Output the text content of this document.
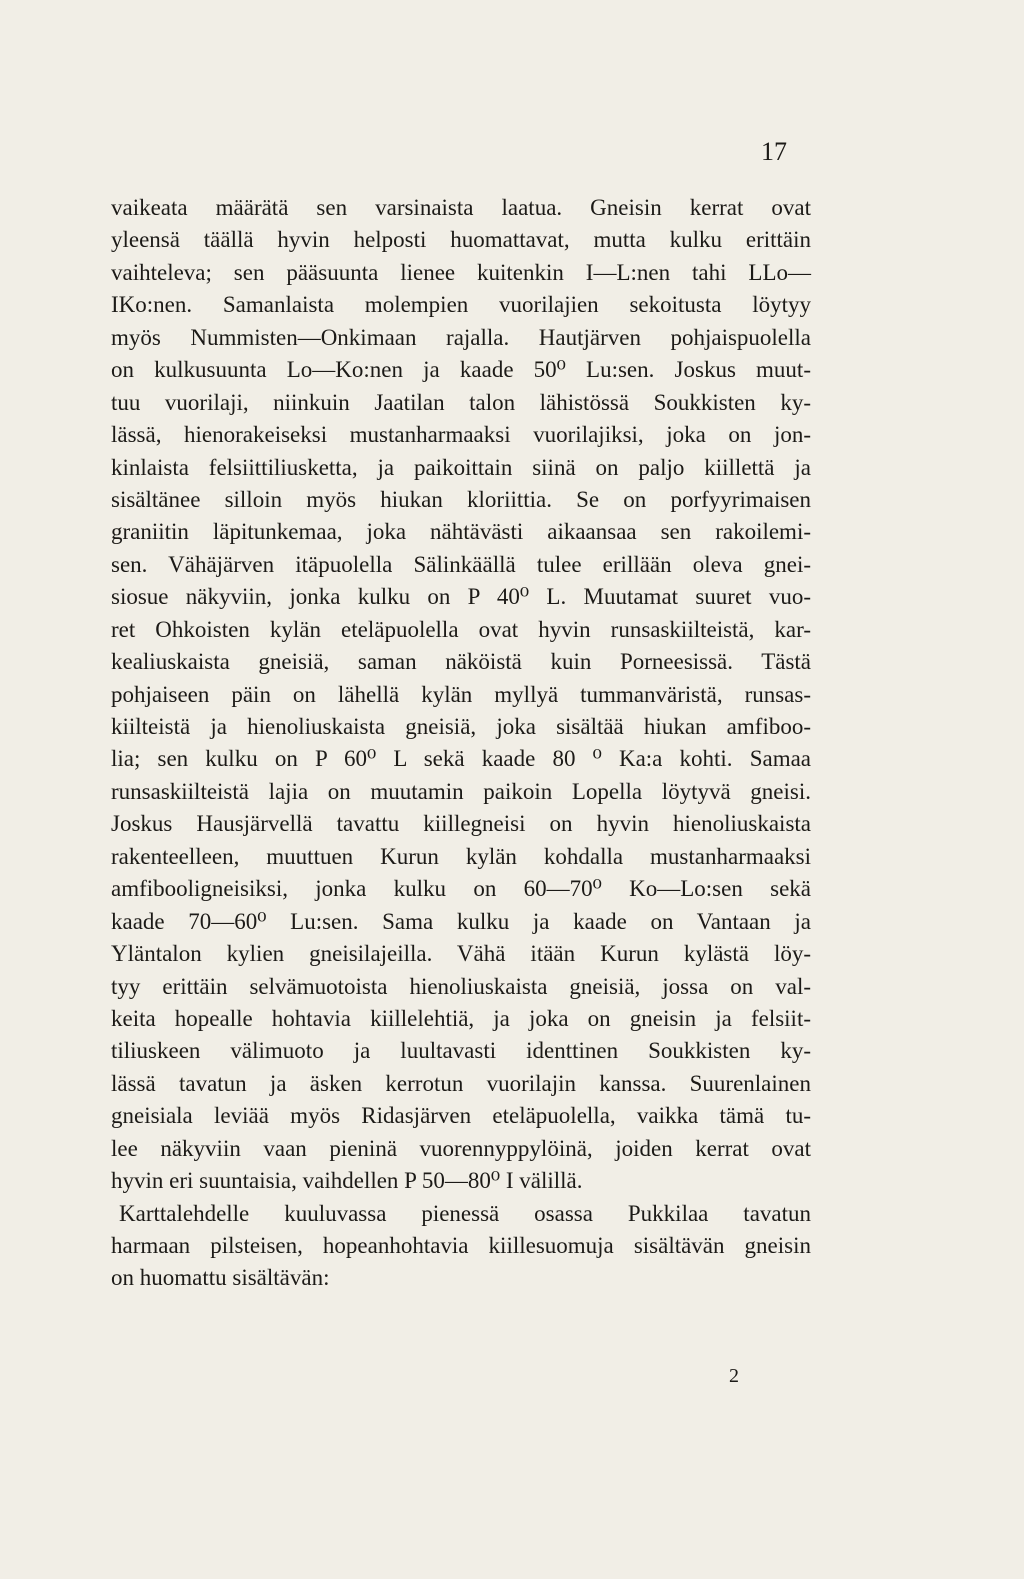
17
vaikeata määrätä sen varsinaista laatua. Gneisin kerrat ovat
yleensä täällä hyvin helposti huomattavat, mutta kulku erittäin
vaihteleva; sen pääsuunta lienee kuitenkin I—L:nen tahi LLo—
IKo:nen. Samanlaista molempien vuorilajien sekoitusta löytyy
myös Nummisten—Onkimaan rajalla. Hautjärven pohjaispuolella
on kulkusuunta Lo—Ko:nen ja kaade 50⁰ Lu:sen. Joskus muut-
tuu vuorilaji, niinkuin Jaatilan talon lähistössä Soukkisten ky-
lässä, hienorakeiseksi mustanharmaaksi vuorilajiksi, joka on jon-
kinlaista felsiittiliusketta, ja paikoittain siinä on paljo kiillettä ja
sisältänee silloin myös hiukan kloriittia. Se on porfyyrimaisen
graniitin läpitunkemaa, joka nähtävästi aikaansaa sen rakoilemi-
sen. Vähäjärven itäpuolella Sälinkäällä tulee erillään oleva gnei-
siosue näkyviin, jonka kulku on P 40⁰ L. Muutamat suuret vuo-
ret Ohkoisten kylän eteläpuolella ovat hyvin runsaskiilteistä, kar-
kealiuskaista gneisiä, saman näköistä kuin Porneesissä. Tästä
pohjaiseen päin on lähellä kylän myllyä tummanväristä, runsas-
kiilteistä ja hienoliuskaista gneisiä, joka sisältää hiukan amfiboo-
lia; sen kulku on P 60⁰ L sekä kaade 80 ⁰ Ka:a kohti. Samaa
runsaskiilteistä lajia on muutamin paikoin Lopella löytyvä gneisi.
Joskus Hausjärvellä tavattu kiillegneisi on hyvin hienoliuskaista
rakenteelleen, muuttuen Kurun kylän kohdalla mustanharmaaksi
amfibooligneisiksi, jonka kulku on 60—70⁰ Ko—Lo:sen sekä
kaade 70—60⁰ Lu:sen. Sama kulku ja kaade on Vantaan ja
Yläntalon kylien gneisilajeilla. Vähä itään Kurun kylästä löy-
tyy erittäin selvämuotoista hienoliuskaista gneisiä, jossa on val-
keita hopealle hohtavia kiillelehtiä, ja joka on gneisin ja felsiit-
tiliuskeen välimuoto ja luultavasti identtinen Soukkisten ky-
lässä tavatun ja äsken kerrotun vuorilajin kanssa. Suurenlainen
gneisiala leviää myös Ridasjärven eteläpuolella, vaikka tämä tu-
lee näkyviin vaan pieninä vuorennyppylöinä, joiden kerrat ovat
hyvin eri suuntaisia, vaihdellen P 50—80⁰ I välillä.
Karttalehdelle kuuluvassa pienessä osassa Pukkilaa tavatun
harmaan pilsteisen, hopeanhohtavia kiillesuomuja sisältävän gneisin
on huomattu sisältävän:
2
